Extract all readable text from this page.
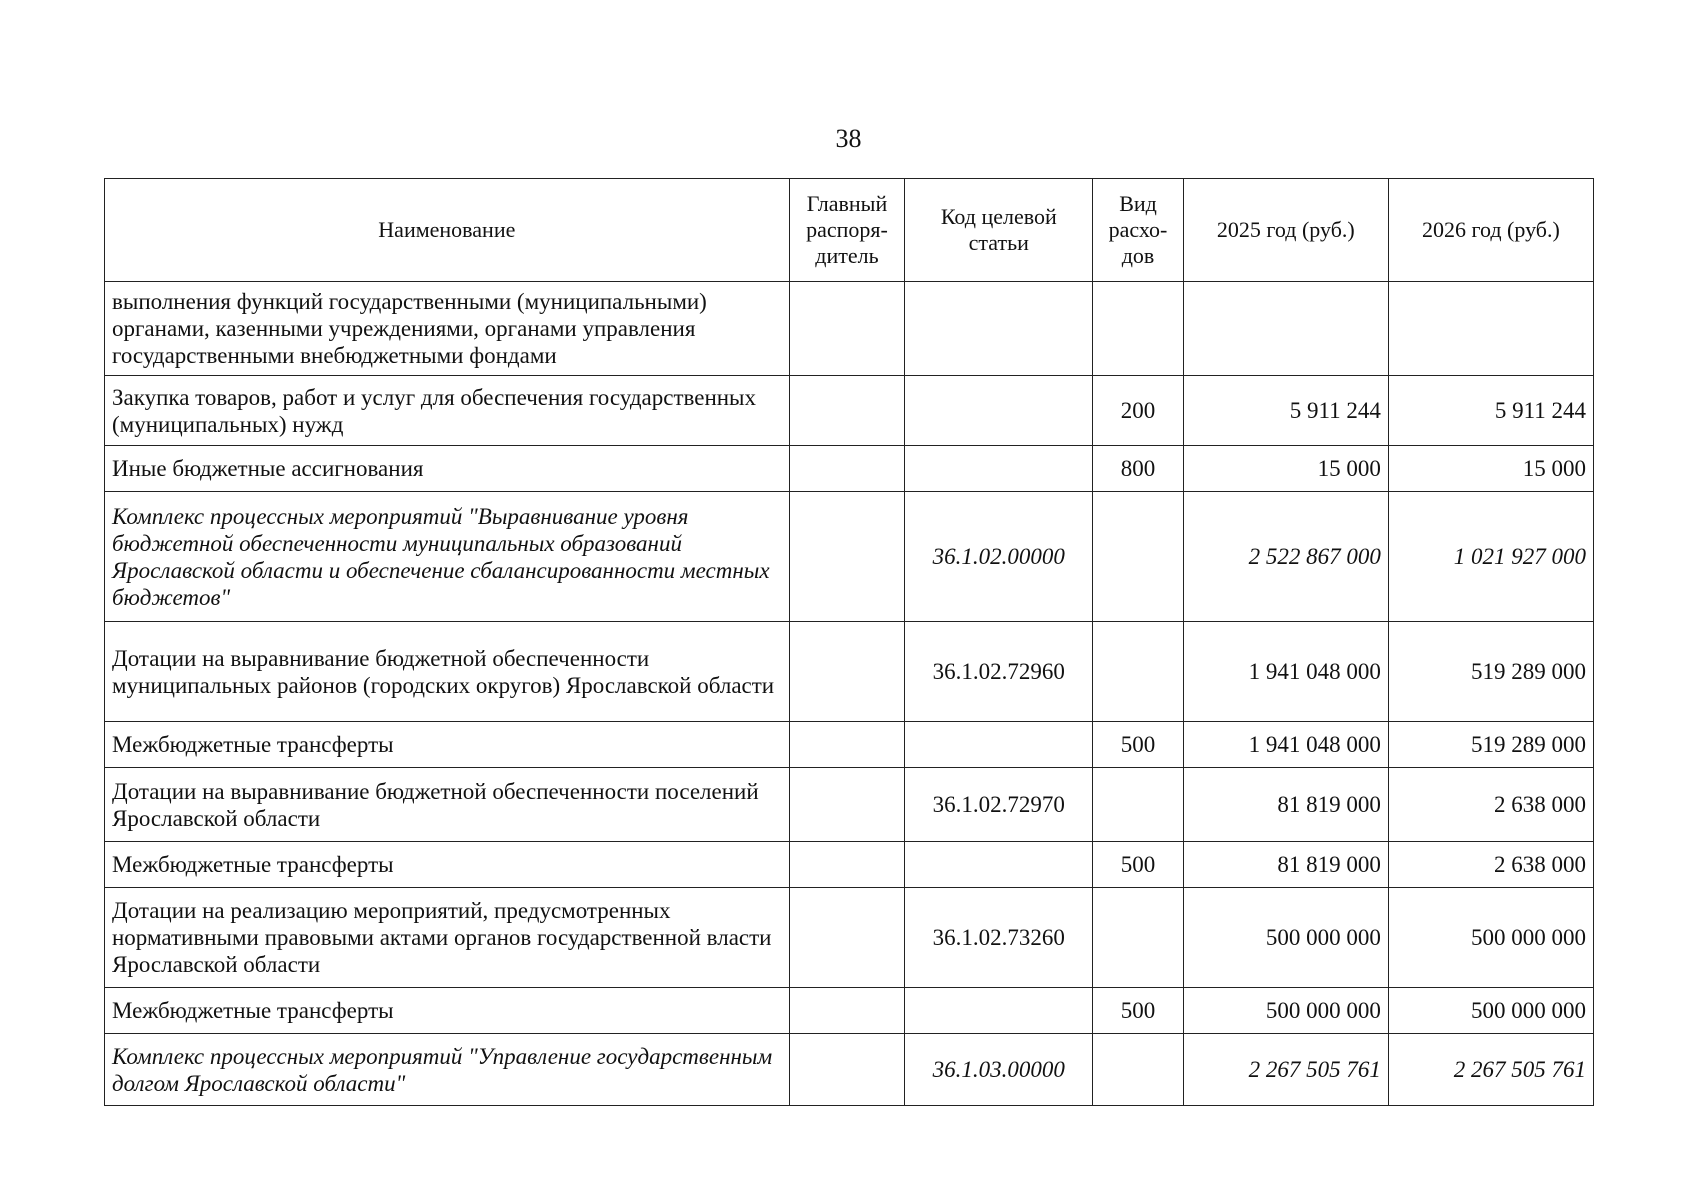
38
Наименование	Главный распоря-дитель	Код целевой статьи	Вид расхо-дов	2025 год (руб.)	2026 год (руб.)
выполнения функций государственными (муниципальными) органами, казенными учреждениями, органами управления государственными внебюджетными фондами					
Закупка товаров, работ и услуг для обеспечения государственных (муниципальных) нужд			200	5 911 244	5 911 244
Иные бюджетные ассигнования			800	15 000	15 000
Комплекс процессных мероприятий "Выравнивание уровня бюджетной обеспеченности муниципальных образований Ярославской области и обеспечение сбалансированности местных бюджетов"		36.1.02.00000		2 522 867 000	1 021 927 000
Дотации на выравнивание бюджетной обеспеченности муниципальных районов (городских округов) Ярославской области		36.1.02.72960		1 941 048 000	519 289 000
Межбюджетные трансферты			500	1 941 048 000	519 289 000
Дотации на выравнивание бюджетной обеспеченности поселений Ярославской области		36.1.02.72970		81 819 000	2 638 000
Межбюджетные трансферты			500	81 819 000	2 638 000
Дотации на реализацию мероприятий, предусмотренных нормативными правовыми актами органов государственной власти Ярославской области		36.1.02.73260		500 000 000	500 000 000
Межбюджетные трансферты			500	500 000 000	500 000 000
Комплекс процессных мероприятий "Управление государственным долгом Ярославской области"		36.1.03.00000		2 267 505 761	2 267 505 761
